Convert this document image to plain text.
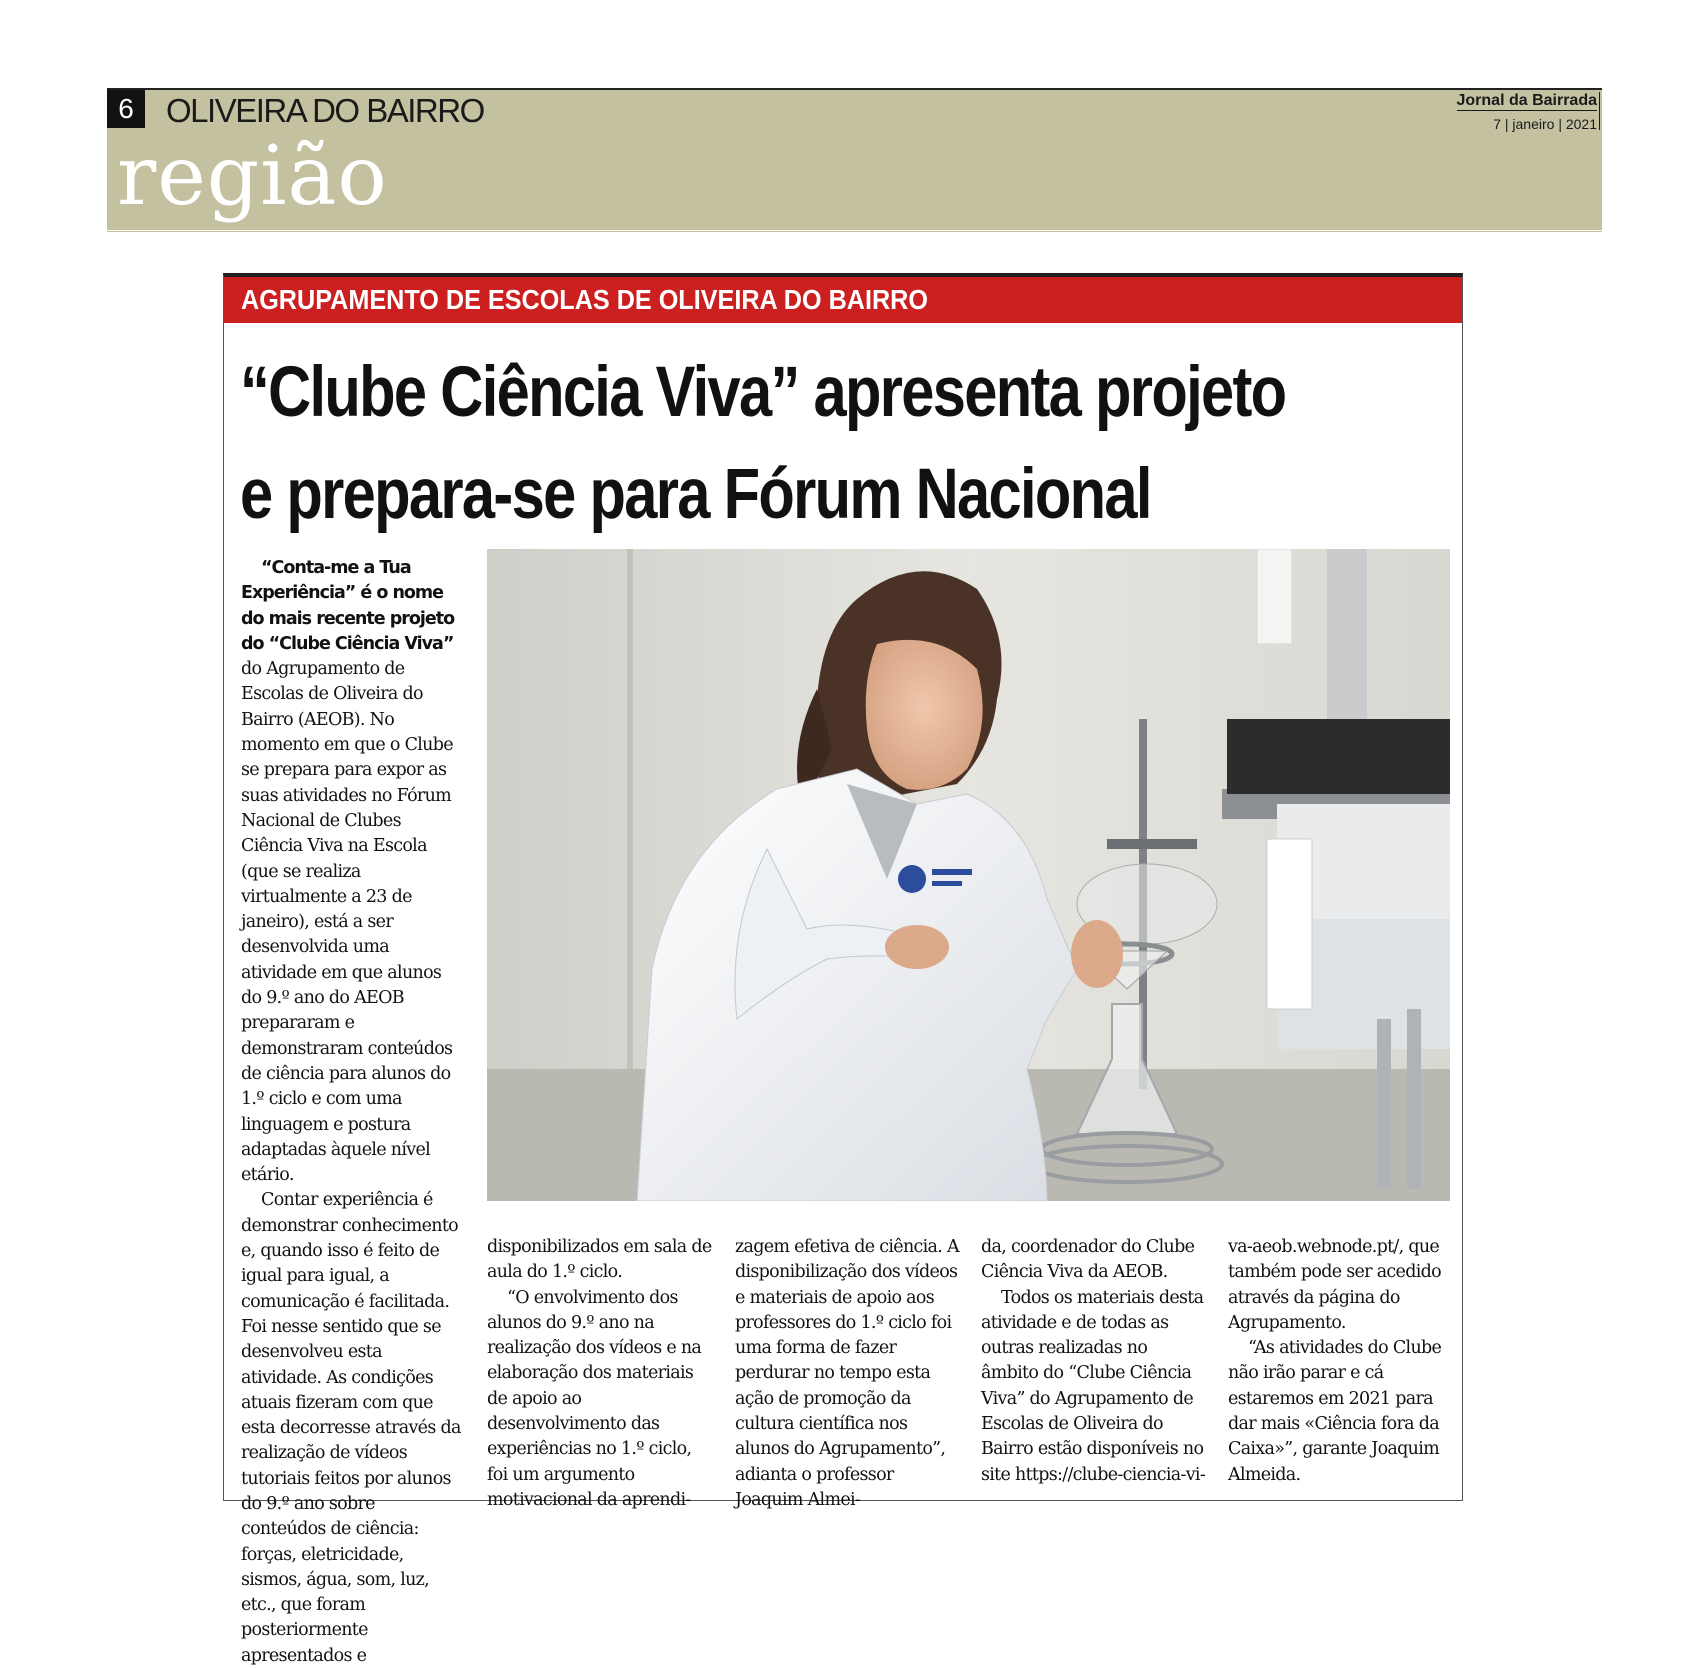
6 OLIVEIRA DO BAIRRO
região
Jornal da Bairrada
7 | janeiro | 2021
AGRUPAMENTO DE ESCOLAS DE OLIVEIRA DO BAIRRO
“Clube Ciência Viva” apresenta projeto
e prepara-se para Fórum Nacional

“Conta-me a Tua Experiência” é o nome do mais recente projeto do “Clube Ciência Viva” do Agrupamento de Escolas de Oliveira do Bairro (AEOB). No momento em que o Clube se prepara para expor as suas atividades no Fórum Nacional de Clubes Ciência Viva na Escola (que se realiza virtualmente a 23 de janeiro), está a ser desenvolvida uma atividade em que alunos do 9.º ano do AEOB prepararam e demonstraram conteúdos de ciência para alunos do 1.º ciclo e com uma linguagem e postura adaptadas àquele nível etário.

Contar experiência é demonstrar conhecimento e, quando isso é feito de igual para igual, a comunicação é facilitada. Foi nesse sentido que se desenvolveu esta atividade. As condições atuais fizeram com que esta decorresse através da realização de vídeos tutoriais feitos por alunos do 9.º ano sobre conteúdos de ciência: forças, eletricidade, sismos, água, som, luz, etc., que foram posteriormente apresentados e

disponibilizados em sala de aula do 1.º ciclo.

“O envolvimento dos alunos do 9.º ano na realização dos vídeos e na elaboração dos materiais de apoio ao desenvolvimento das experiências no 1.º ciclo, foi um argumento motivacional da aprendi-

zagem efetiva de ciência. A disponibilização dos vídeos e materiais de apoio aos professores do 1.º ciclo foi uma forma de fazer perdurar no tempo esta ação de promoção da cultura científica nos alunos do Agrupamento”, adianta o professor Joaquim Almei-

da, coordenador do Clube Ciência Viva da AEOB.

Todos os materiais desta atividade e de todas as outras realizadas no âmbito do “Clube Ciência Viva” do Agrupamento de Escolas de Oliveira do Bairro estão disponíveis no site https://clube-ciencia-vi-

va-aeob.webnode.pt/, que também pode ser acedido através da página do Agrupamento.

“As atividades do Clube não irão parar e cá estaremos em 2021 para dar mais «Ciência fora da Caixa»”, garante Joaquim Almeida.
